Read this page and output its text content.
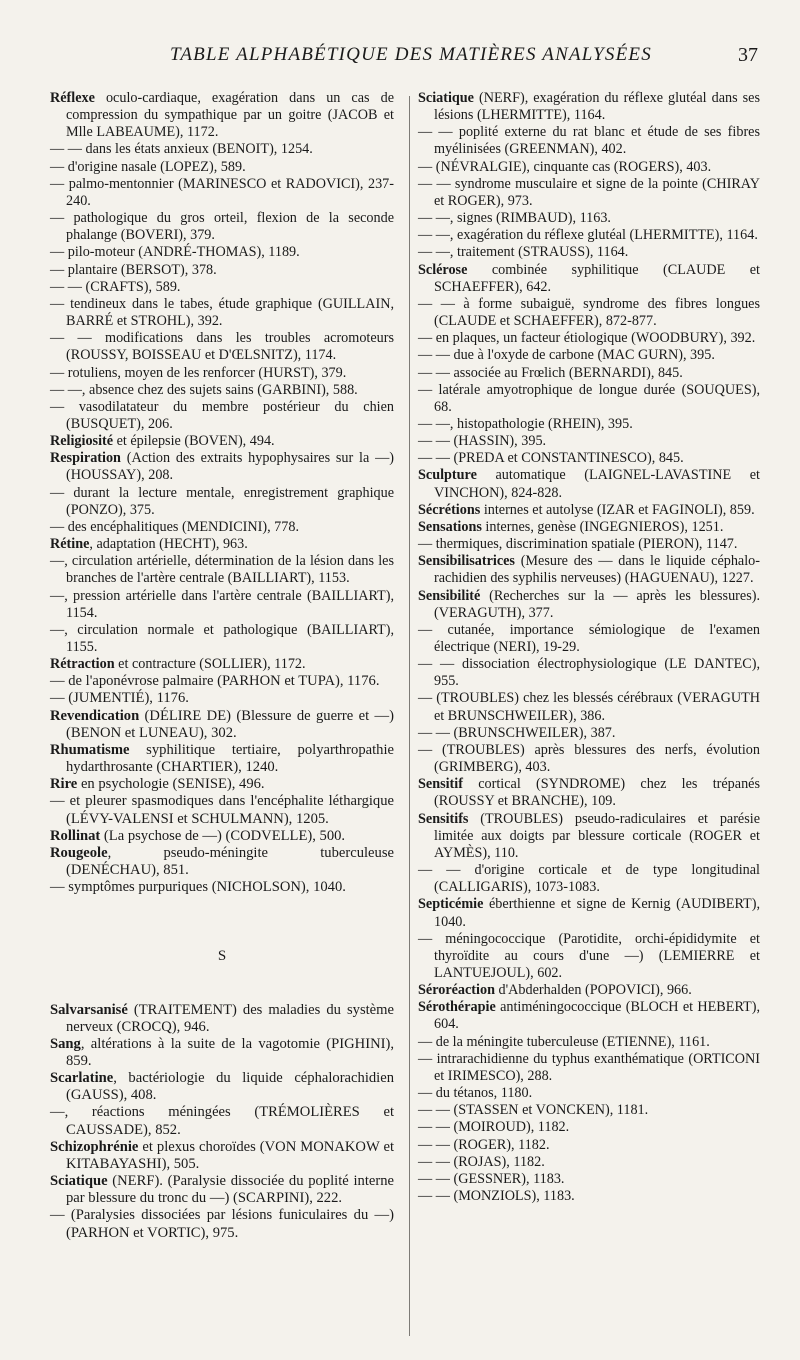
TABLE ALPHABÉTIQUE DES MATIÈRES ANALYSÉES	37

Réflexe oculo-cardiaque, exagération dans un cas de compression du sympathique par un goitre (JACOB et Mlle LABEAUME), 1172.

— — dans les états anxieux (BENOIT), 1254.

— d'origine nasale (LOPEZ), 589.

— palmo-mentonnier (MARINESCO et RADOVICI), 237-240.

— pathologique du gros orteil, flexion de la seconde phalange (BOVERI), 379.

— pilo-moteur (ANDRÉ-THOMAS), 1189.

— plantaire (BERSOT), 378.

— — (CRAFTS), 589.

— tendineux dans le tabes, étude graphique (GUILLAIN, BARRÉ et STROHL), 392.

— — modifications dans les troubles acromoteurs (ROUSSY, BOISSEAU et D'ŒLSNITZ), 1174.

— rotuliens, moyen de les renforcer (HURST), 379.

— —, absence chez des sujets sains (GARBINI), 588.

— vasodilatateur du membre postérieur du chien (BUSQUET), 206.

Religiosité et épilepsie (BOVEN), 494.

Respiration (Action des extraits hypophysaires sur la —) (HOUSSAY), 208.

— durant la lecture mentale, enregistrement graphique (PONZO), 375.

— des encéphalitiques (MENDICINI), 778.

Rétine, adaptation (HECHT), 963.

—, circulation artérielle, détermination de la lésion dans les branches de l'artère centrale (BAILLIART), 1153.

—, pression artérielle dans l'artère centrale (BAILLIART), 1154.

—, circulation normale et pathologique (BAILLIART), 1155.

Rétraction et contracture (SOLLIER), 1172.

— de l'aponévrose palmaire (PARHON et TUPA), 1176.

— (JUMENTIÉ), 1176.

Revendication (DÉLIRE DE) (Blessure de guerre et —) (BENON et LUNEAU), 302.

Rhumatisme syphilitique tertiaire, polyarthropathie hydarthrosante (CHARTIER), 1240.

Rire en psychologie (SENISE), 496.

— et pleurer spasmodiques dans l'encéphalite léthargique (LÉVY-VALENSI et SCHULMANN), 1205.

Rollinat (La psychose de —) (CODVELLE), 500.

Rougeole, pseudo-méningite tuberculeuse (DENÉCHAU), 851.

— symptômes purpuriques (NICHOLSON), 1040.

S

Salvarsanisé (TRAITEMENT) des maladies du système nerveux (CROCQ), 946.

Sang, altérations à la suite de la vagotomie (PIGHINI), 859.

Scarlatine, bactériologie du liquide céphalorachidien (GAUSS), 408.

—, réactions méningées (TRÉMOLIÈRES et CAUSSADE), 852.

Schizophrénie et plexus choroïdes (VON MONAKOW et KITABAYASHI), 505.

Sciatique (NERF). (Paralysie dissociée du poplité interne par blessure du tronc du —) (SCARPINI), 222.

— (Paralysies dissociées par lésions funiculaires du —) (PARHON et VORTIC), 975.

Sciatique (NERF), exagération du réflexe glutéal dans ses lésions (LHERMITTE), 1164.

— — poplité externe du rat blanc et étude de ses fibres myélinisées (GREENMAN), 402.

— (NÉVRALGIE), cinquante cas (ROGERS), 403.

— — syndrome musculaire et signe de la pointe (CHIRAY et ROGER), 973.

— —, signes (RIMBAUD), 1163.

— —, exagération du réflexe glutéal (LHERMITTE), 1164.

— —, traitement (STRAUSS), 1164.

Sclérose combinée syphilitique (CLAUDE et SCHAEFFER), 642.

— — à forme subaiguë, syndrome des fibres longues (CLAUDE et SCHAEFFER), 872-877.

— en plaques, un facteur étiologique (WOODBURY), 392.

— — due à l'oxyde de carbone (MAC GURN), 395.

— — associée au Frœlich (BERNARDI), 845.

— latérale amyotrophique de longue durée (SOUQUES), 68.

— —, histopathologie (RHEIN), 395.

— — (HASSIN), 395.

— — (PREDA et CONSTANTINESCO), 845.

Sculpture automatique (LAIGNEL-LAVASTINE et VINCHON), 824-828.

Sécrétions internes et autolyse (IZAR et FAGINOLI), 859.

Sensations internes, genèse (INGEGNIEROS), 1251.

— thermiques, discrimination spatiale (PIERON), 1147.

Sensibilisatrices (Mesure des — dans le liquide céphalo-rachidien des syphilis nerveuses) (HAGUENAU), 1227.

Sensibilité (Recherches sur la — après les blessures). (VERAGUTH), 377.

— cutanée, importance sémiologique de l'examen électrique (NERI), 19-29.

— — dissociation électrophysiologique (LE DANTEC), 955.

— (TROUBLES) chez les blessés cérébraux (VERAGUTH et BRUNSCHWEILER), 386.

— — (BRUNSCHWEILER), 387.

— (TROUBLES) après blessures des nerfs, évolution (GRIMBERG), 403.

Sensitif cortical (SYNDROME) chez les trépanés (ROUSSY et BRANCHE), 109.

Sensitifs (TROUBLES) pseudo-radiculaires et parésie limitée aux doigts par blessure corticale (ROGER et AYMÈS), 110.

— — d'origine corticale et de type longitudinal (CALLIGARIS), 1073-1083.

Septicémie éberthienne et signe de Kernig (AUDIBERT), 1040.

— méningococcique (Parotidite, orchi-épididymite et thyroïdite au cours d'une —) (LEMIERRE et LANTUEJOUL), 602.

Séroréaction d'Abderhalden (POPOVICI), 966.

Sérothérapie antiméningococcique (BLOCH et HEBERT), 604.

— de la méningite tuberculeuse (ETIENNE), 1161.

— intrarachidienne du typhus exanthématique (ORTICONI et IRIMESCO), 288.

— du tétanos, 1180.

— — (STASSEN et VONCKEN), 1181.

— — (MOIROUD), 1182.

— — (ROGER), 1182.

— — (ROJAS), 1182.

— — (GESSNER), 1183.

— — (MONZIOLS), 1183.
